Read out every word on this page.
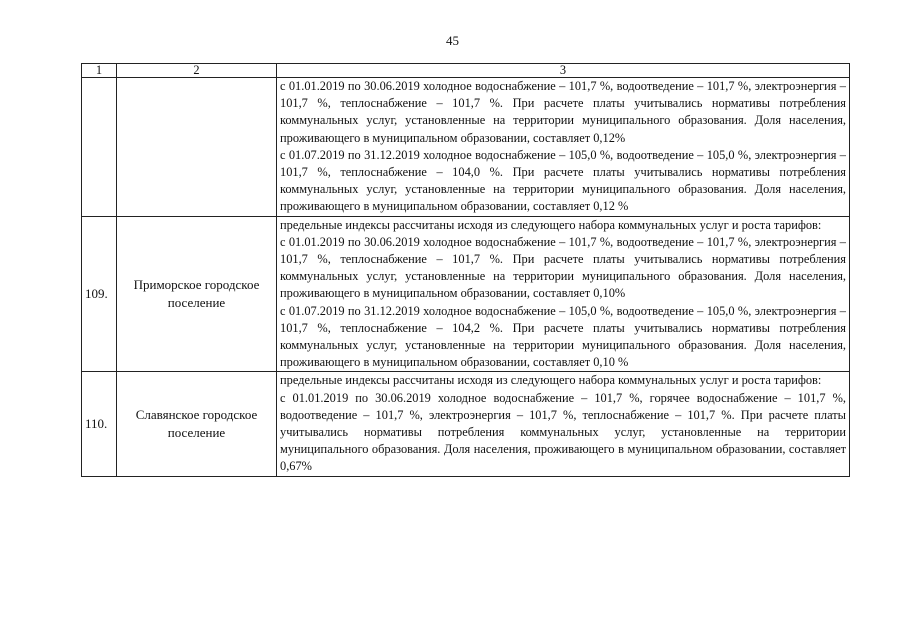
45
1	2	3

		с 01.01.2019 по 30.06.2019 холодное водоснабжение – 101,7 %, водоотведение – 101,7 %, электроэнергия – 101,7 %, теплоснабжение – 101,7 %. При расчете платы учитывались нормативы потребления коммунальных услуг, установленные на территории муниципального образования. Доля населения, проживающего в муниципальном образовании, составляет 0,12%

с 01.07.2019 по 31.12.2019 холодное водоснабжение – 105,0 %, водоотведение – 105,0 %, электроэнергия – 101,7 %, теплоснабжение – 104,0 %. При расчете платы учитывались нормативы потребления коммунальных услуг, установленные на территории муниципального образования. Доля населения, проживающего в муниципальном образовании, составляет 0,12 %

109.	Приморское городское поселение	предельные индексы рассчитаны исходя из следующего набора коммунальных услуг и роста тарифов:

с 01.01.2019 по 30.06.2019 холодное водоснабжение – 101,7 %, водоотведение – 101,7 %, электроэнергия – 101,7 %, теплоснабжение – 101,7 %. При расчете платы учитывались нормативы потребления коммунальных услуг, установленные на территории муниципального образования. Доля населения, проживающего в муниципальном образовании, составляет 0,10%

с 01.07.2019 по 31.12.2019 холодное водоснабжение – 105,0 %, водоотведение – 105,0 %, электроэнергия – 101,7 %, теплоснабжение – 104,2 %. При расчете платы учитывались нормативы потребления коммунальных услуг, установленные на территории муниципального образования. Доля населения, проживающего в муниципальном образовании, составляет 0,10 %

110.	Славянское городское поселение	предельные индексы рассчитаны исходя из следующего набора коммунальных услуг и роста тарифов:

с 01.01.2019 по 30.06.2019 холодное водоснабжение – 101,7 %, горячее водоснабжение – 101,7 %, водоотведение – 101,7 %, электроэнергия – 101,7 %, теплоснабжение – 101,7 %. При расчете платы учитывались нормативы потребления коммунальных услуг, установленные на территории муниципального образования. Доля населения, проживающего в муниципальном образовании, составляет 0,67%
